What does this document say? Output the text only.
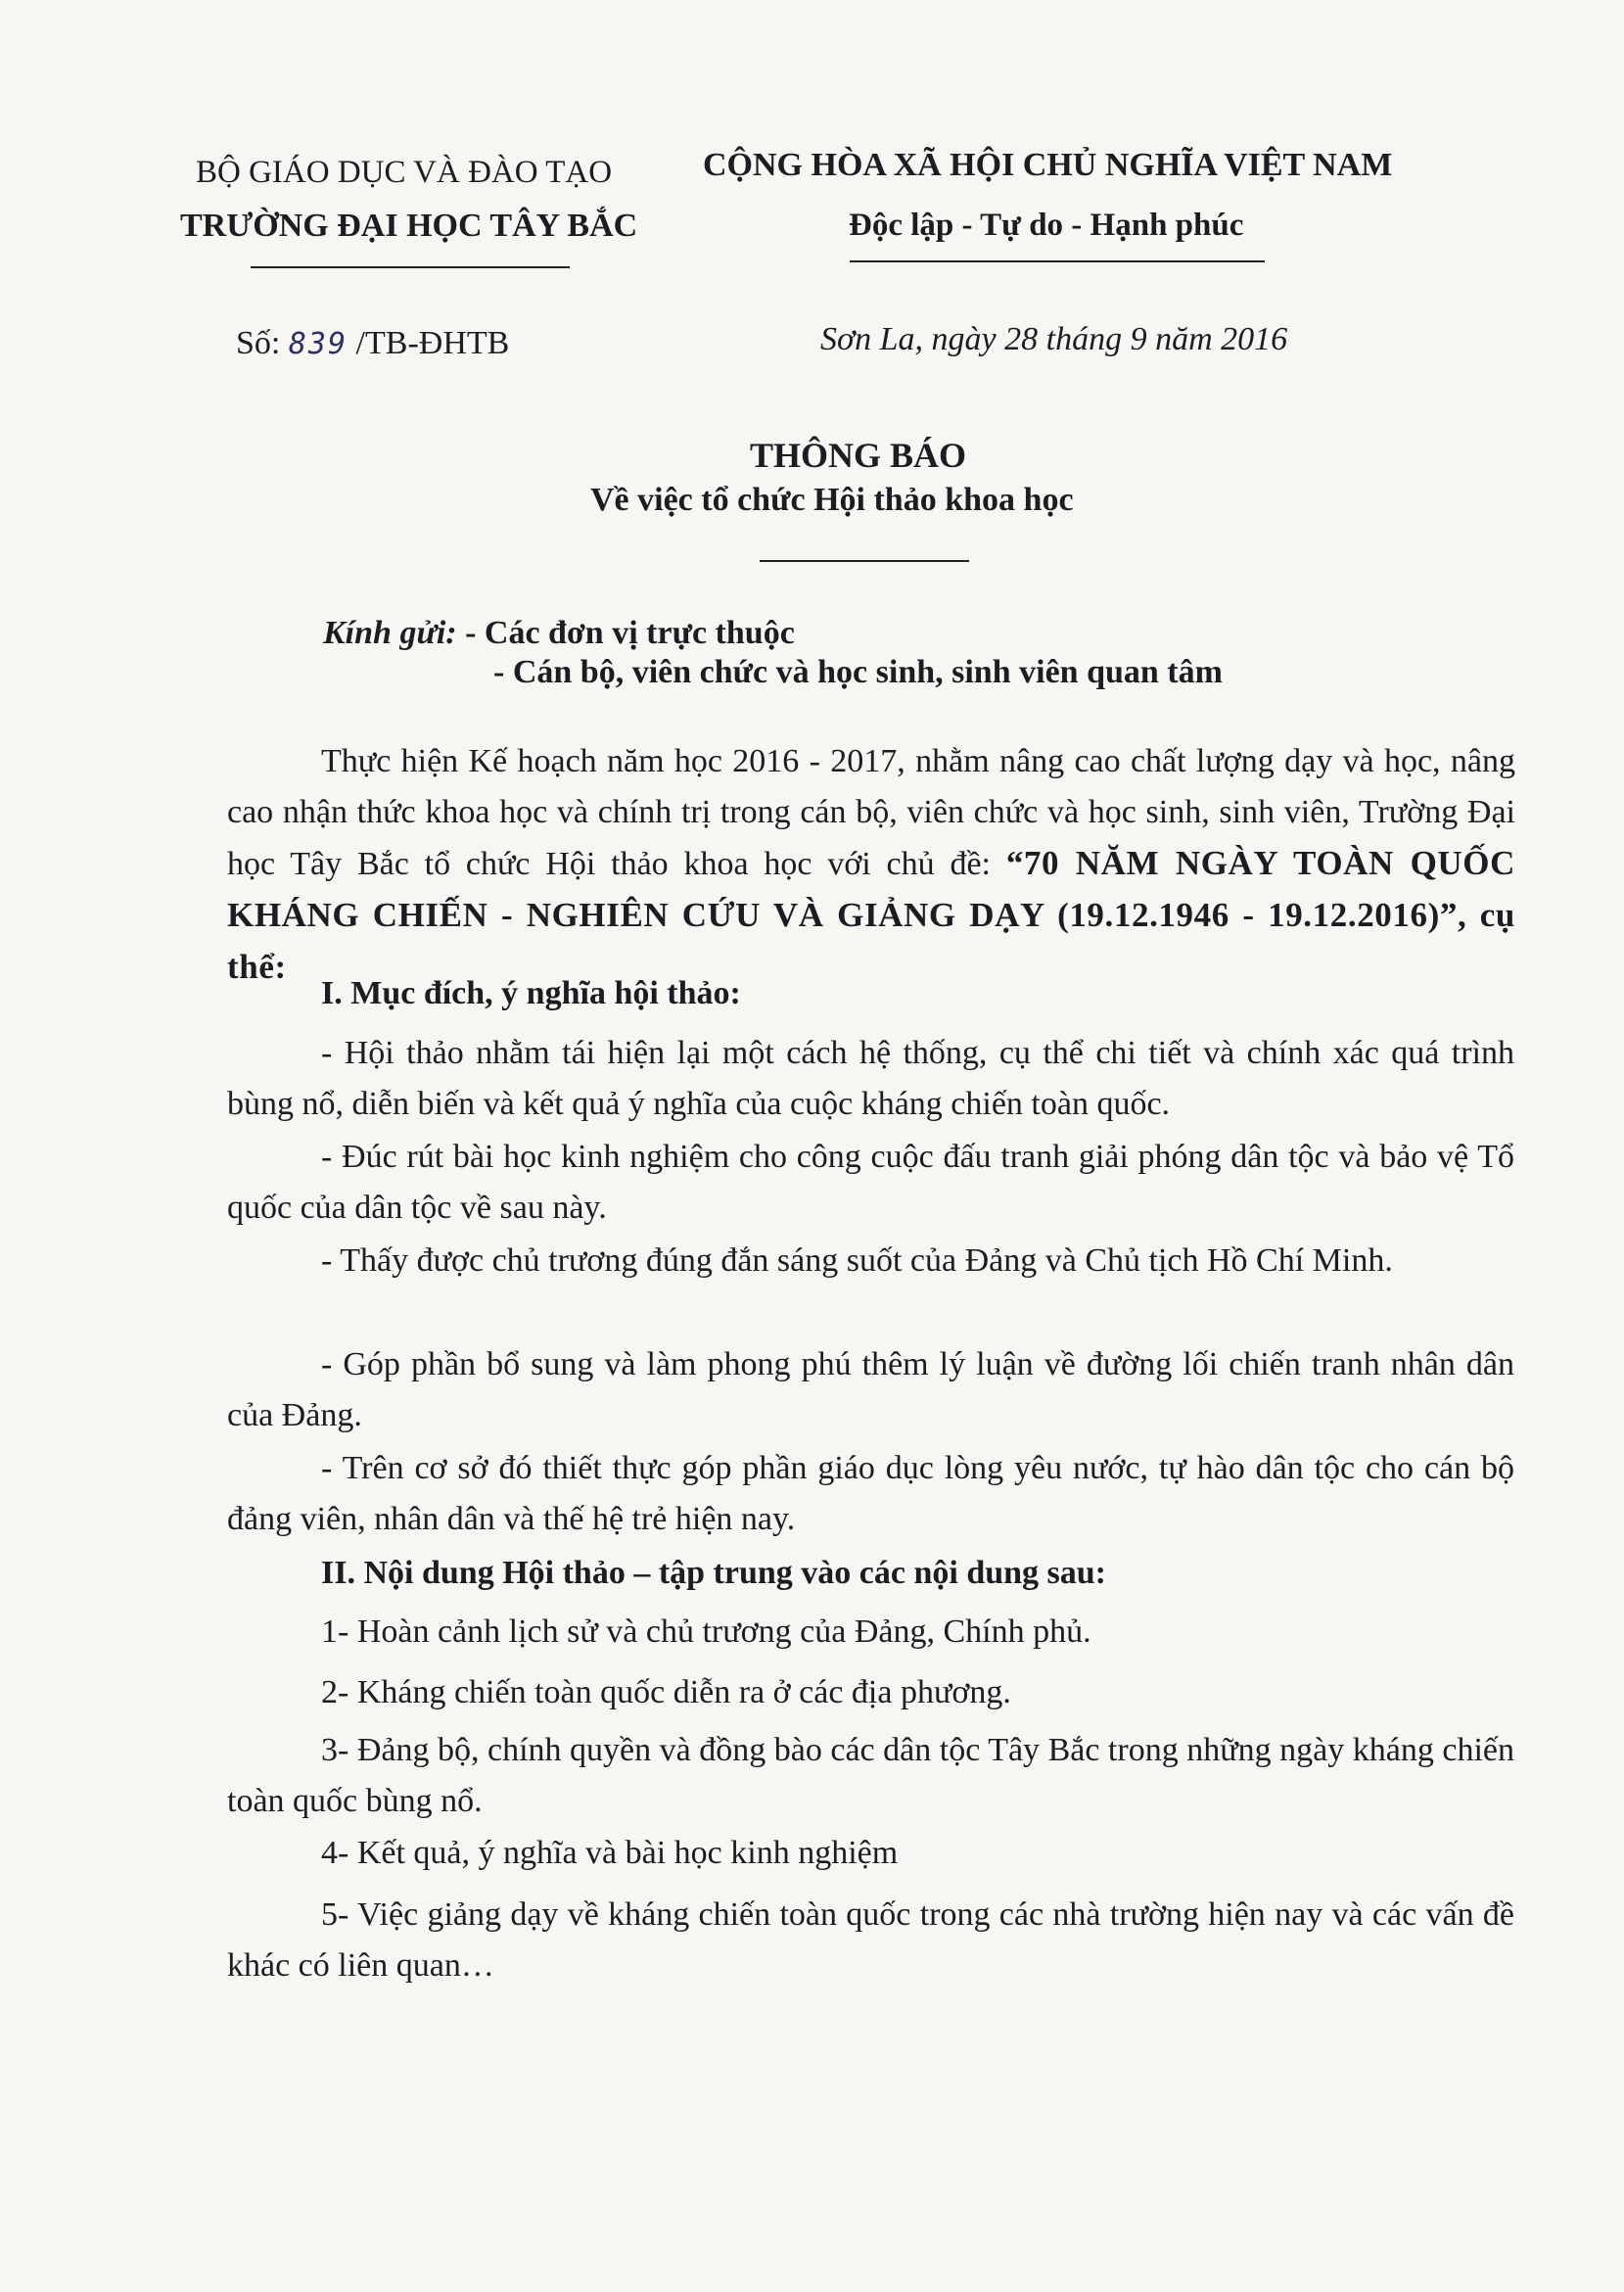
BỘ GIÁO DỤC VÀ ĐÀO TẠO
TRƯỜNG ĐẠI HỌC TÂY BẮC
CỘNG HÒA XÃ HỘI CHỦ NGHĨA VIỆT NAM
Độc lập - Tự do - Hạnh phúc
Số: 839 /TB-ĐHTB	Sơn La, ngày 28 tháng 9 năm 2016
THÔNG BÁO
Về việc tổ chức Hội thảo khoa học
Kính gửi: - Các đơn vị trực thuộc
- Cán bộ, viên chức và học sinh, sinh viên quan tâm
Thực hiện Kế hoạch năm học 2016 - 2017, nhằm nâng cao chất lượng dạy và học, nâng cao nhận thức khoa học và chính trị trong cán bộ, viên chức và học sinh, sinh viên, Trường Đại học Tây Bắc tổ chức Hội thảo khoa học với chủ đề: “70 NĂM NGÀY TOÀN QUỐC KHÁNG CHIẾN - NGHIÊN CỨU VÀ GIẢNG DẠY (19.12.1946 - 19.12.2016)”, cụ thể:
I. Mục đích, ý nghĩa hội thảo:
- Hội thảo nhằm tái hiện lại một cách hệ thống, cụ thể chi tiết và chính xác quá trình bùng nổ, diễn biến và kết quả ý nghĩa của cuộc kháng chiến toàn quốc.
- Đúc rút bài học kinh nghiệm cho công cuộc đấu tranh giải phóng dân tộc và bảo vệ Tổ quốc của dân tộc về sau này.
- Thấy được chủ trương đúng đắn sáng suốt của Đảng và Chủ tịch Hồ Chí Minh.
- Góp phần bổ sung và làm phong phú thêm lý luận về đường lối chiến tranh nhân dân của Đảng.
- Trên cơ sở đó thiết thực góp phần giáo dục lòng yêu nước, tự hào dân tộc cho cán bộ đảng viên, nhân dân và thế hệ trẻ hiện nay.
II. Nội dung Hội thảo – tập trung vào các nội dung sau:
1- Hoàn cảnh lịch sử và chủ trương của Đảng, Chính phủ.
2- Kháng chiến toàn quốc diễn ra ở các địa phương.
3- Đảng bộ, chính quyền và đồng bào các dân tộc Tây Bắc trong những ngày kháng chiến toàn quốc bùng nổ.
4- Kết quả, ý nghĩa và bài học kinh nghiệm
5- Việc giảng dạy về kháng chiến toàn quốc trong các nhà trường hiện nay và các vấn đề khác có liên quan…
